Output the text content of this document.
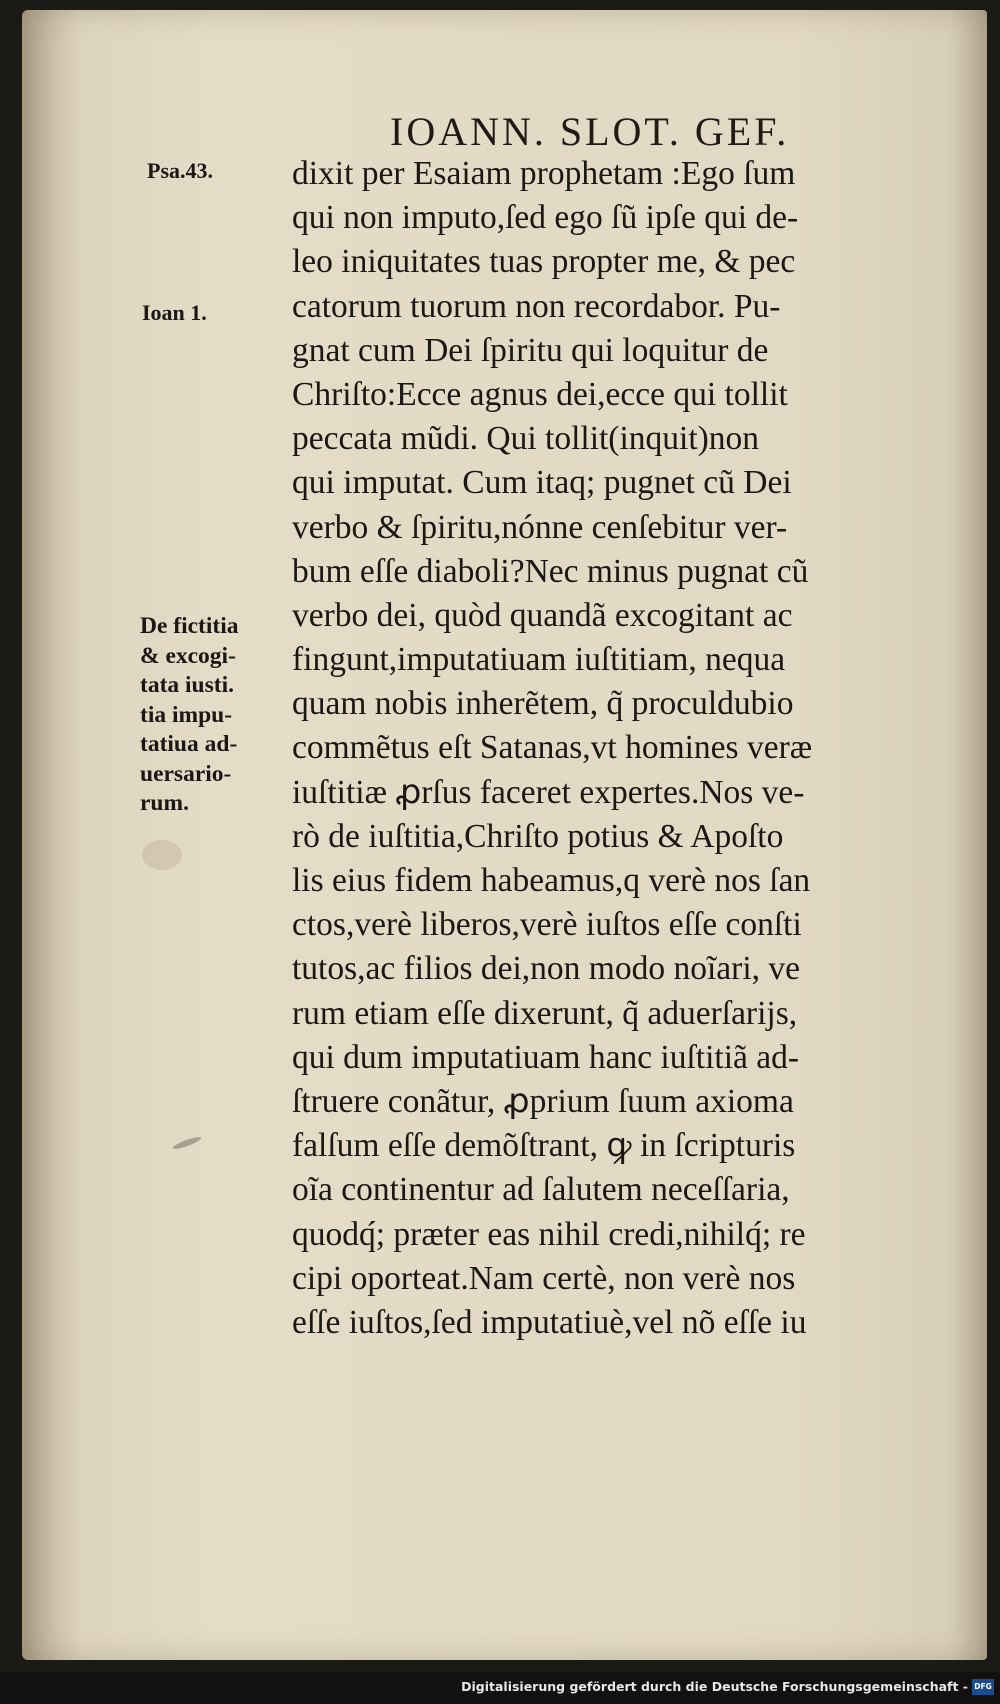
IOANN. SLOT. GEF.

Psa.43.

Ioan 1.

De fictitia
& excogi-
tata iusti.
tia impu-
tatiua ad-
uersario-
rum.

dixit per Esaiam prophetam :Ego ſum
qui non imputo,ſed ego ſũ ipſe qui de-
leo iniquitates tuas propter me, & pec
catorum tuorum non recordabor. Pu-
gnat cum Dei ſpiritu qui loquitur de
Chriſto:Ecce agnus dei,ecce qui tollit
peccata mũdi. Qui tollit(inquit)non
qui imputat. Cum itaq; pugnet cũ Dei
verbo & ſpiritu,nónne cenſebitur ver-
bum eſſe diaboli?Nec minus pugnat cũ
verbo dei, quòd quandã excogitant ac
fingunt,imputatiuam iuſtitiam, nequa
quam nobis inherẽtem, q̃ proculdubio
commẽtus eſt Satanas,vt homines veræ
iuſtitiæ ꝓrſus faceret expertes.Nos ve-
rò de iuſtitia,Chriſto potius & Apoſto
lis eius fidem habeamus,q verè nos ſan
ctos,verè liberos,verè iuſtos eſſe conſti
tutos,ac filios dei,non modo noĩari, ve
rum etiam eſſe dixerunt, q̃ aduerſarijs,
qui dum imputatiuam hanc iuſtitiã ad-
ſtruere conãtur, ꝓprium ſuum axioma
falſum eſſe demõſtrant, ꝙ in ſcripturis
oĩa continentur ad ſalutem neceſſaria,
quodq́; præter eas nihil credi,nihilq́; re
cipi oporteat.Nam certè, non verè nos
eſſe iuſtos,ſed imputatiuè,vel nõ eſſe iu
Digitalisierung gefördert durch die Deutsche Forschungsgemeinschaft - DFG
